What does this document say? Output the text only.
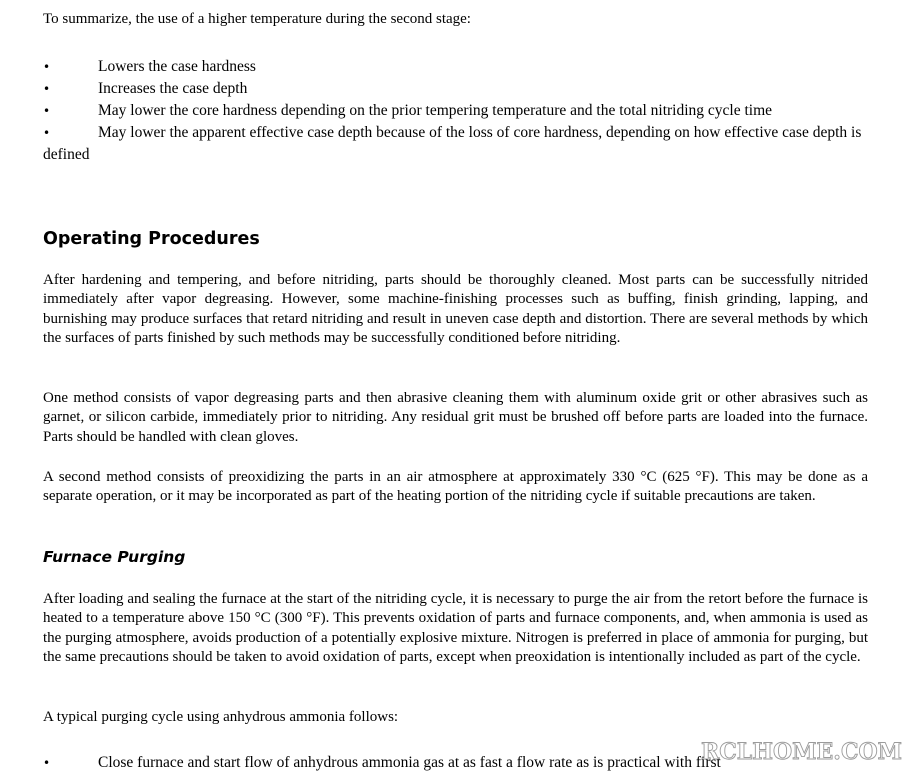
To summarize, the use of a higher temperature during the second stage:

•	Lowers the case hardness
•	Increases the case depth
•	May lower the core hardness depending on the prior tempering temperature and the total nitriding cycle time
•	May lower the apparent effective case depth because of the loss of core hardness, depending on how effective case depth is defined
Operating Procedures

After hardening and tempering, and before nitriding, parts should be thoroughly cleaned. Most parts can be successfully nitrided immediately after vapor degreasing. However, some machine-finishing processes such as buffing, finish grinding, lapping, and burnishing may produce surfaces that retard nitriding and result in uneven case depth and distortion. There are several methods by which the surfaces of parts finished by such methods may be successfully conditioned before nitriding.

One method consists of vapor degreasing parts and then abrasive cleaning them with aluminum oxide grit or other abrasives such as garnet, or silicon carbide, immediately prior to nitriding. Any residual grit must be brushed off before parts are loaded into the furnace. Parts should be handled with clean gloves.

A second method consists of preoxidizing the parts in an air atmosphere at approximately 330 °C (625 °F). This may be done as a separate operation, or it may be incorporated as part of the heating portion of the nitriding cycle if suitable precautions are taken.

Furnace Purging

After loading and sealing the furnace at the start of the nitriding cycle, it is necessary to purge the air from the retort before the furnace is heated to a temperature above 150 °C (300 °F). This prevents oxidation of parts and furnace components, and, when ammonia is used as the purging atmosphere, avoids production of a potentially explosive mixture. Nitrogen is preferred in place of ammonia for purging, but the same precautions should be taken to avoid oxidation of parts, except when preoxidation is intentionally included as part of the cycle.

A typical purging cycle using anhydrous ammonia follows:

•	Close furnace and start flow of anhydrous ammonia gas at as fast a flow rate as is practical with first

RCLHOME.COM
